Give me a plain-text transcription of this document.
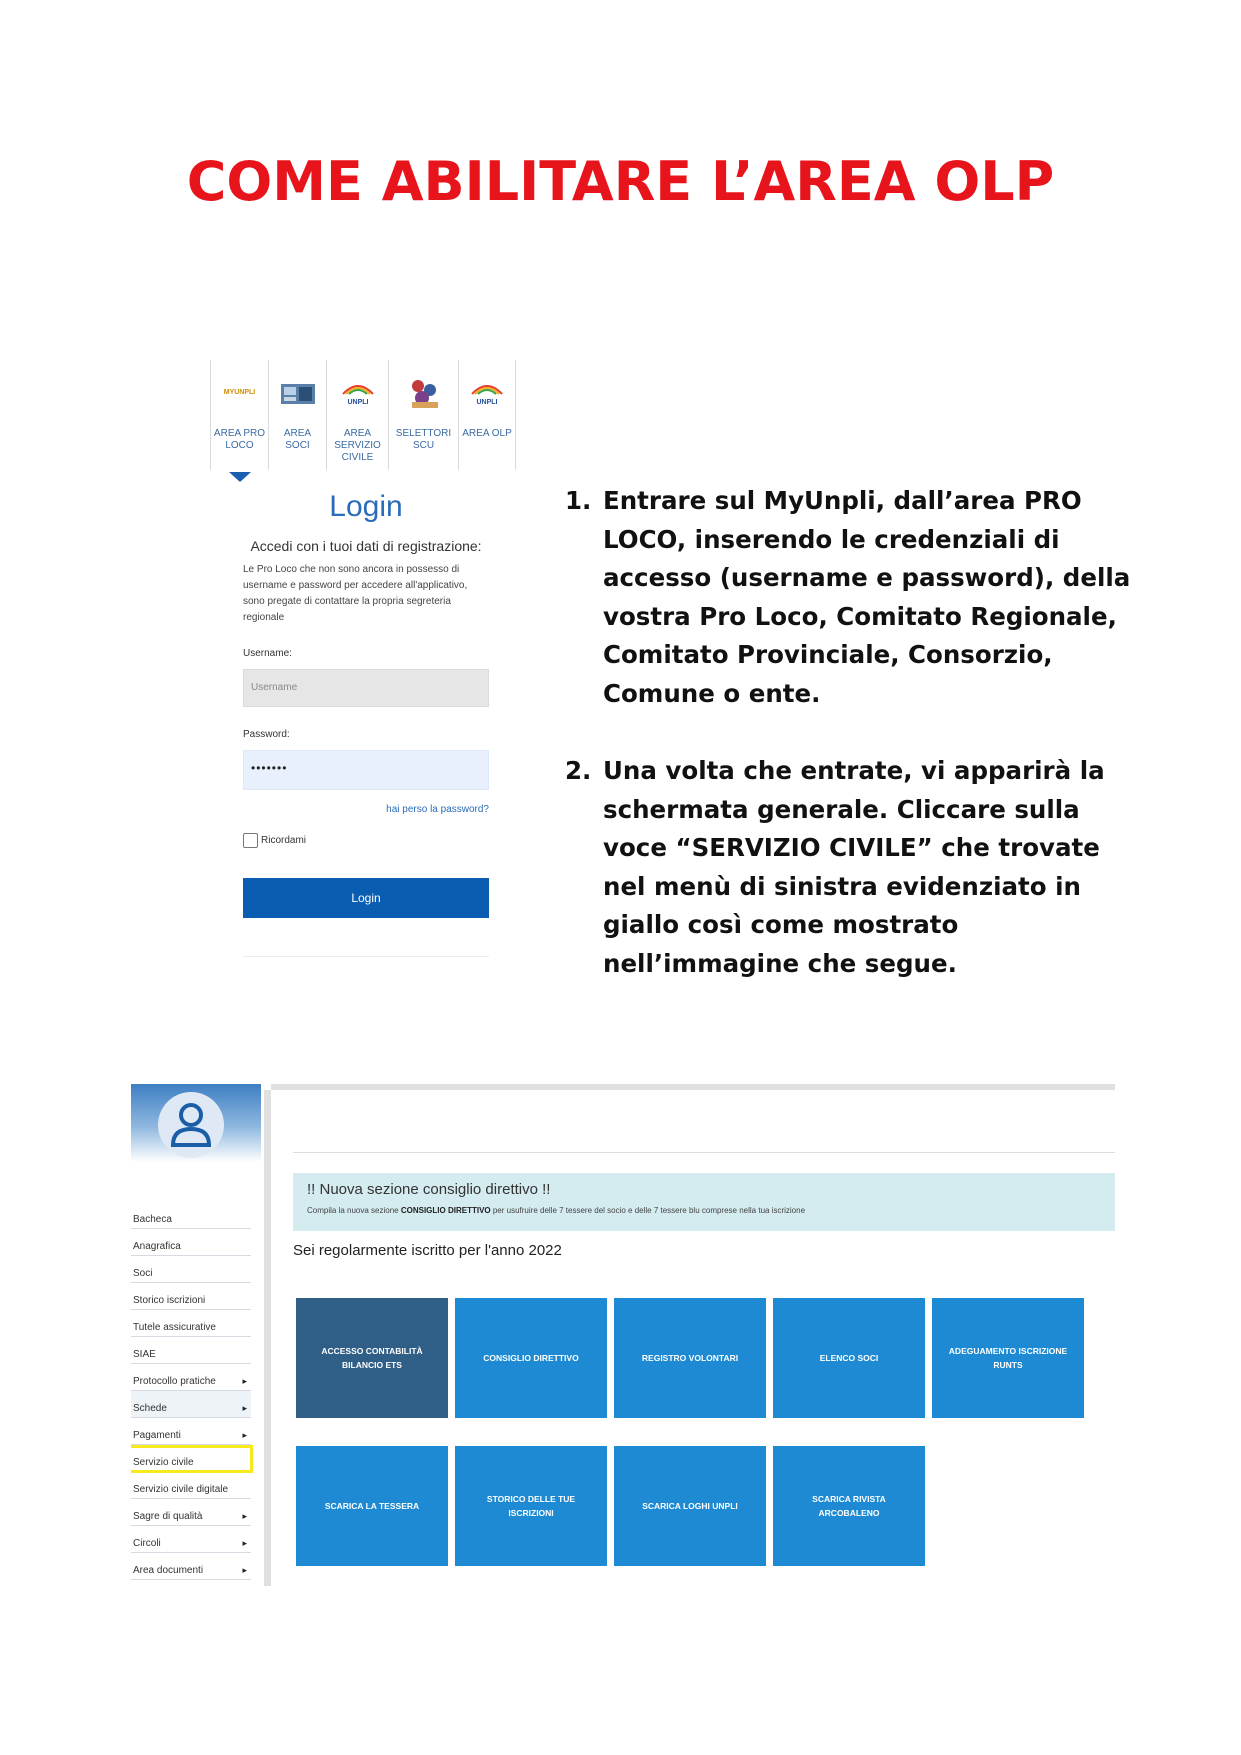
COME ABILITARE L’AREA OLP
MYUNPLI
AREA PRO LOCO
AREA SOCI
UNPLI
AREA SERVIZIO CIVILE
SELETTORI SCU
UNPLI
AREA OLP
Login
Accedi con i tuoi dati di registrazione:
Le Pro Loco che non sono ancora in possesso di username e password per accedere all'applicativo, sono pregate di contattare la propria segreteria regionale
Username:
Username
Password:
•••••••
hai perso la password?
Ricordami
Login
1. Entrare sul MyUnpli, dall’area PRO LOCO, inserendo le credenziali di accesso (username e password), della vostra Pro Loco, Comitato Regionale, Comitato Provinciale, Consorzio, Comune o ente.
2. Una volta che entrate, vi apparirà la schermata generale. Cliccare sulla voce “SERVIZIO CIVILE” che trovate nel menù di sinistra evidenziato in giallo così come mostrato nell’immagine che segue.
Bacheca
Anagrafica
Soci
Storico iscrizioni
Tutele assicurative
SIAE
Protocollo pratiche	▸
Schede	▸
Pagamenti	▸
Servizio civile
Servizio civile digitale
Sagre di qualità	▸
Circoli	▸
Area documenti	▸
!! Nuova sezione consiglio direttivo !!
Compila la nuova sezione CONSIGLIO DIRETTIVO per usufruire delle 7 tessere del socio e delle 7 tessere blu comprese nella tua iscrizione
Sei regolarmente iscritto per l'anno 2022
ACCESSO CONTABILITÀ BILANCIO ETS
CONSIGLIO DIRETTIVO	REGISTRO VOLONTARI	ELENCO SOCI
ADEGUAMENTO ISCRIZIONE RUNTS
SCARICA LA TESSERA
STORICO DELLE TUE ISCRIZIONI
SCARICA LOGHI UNPLI
SCARICA RIVISTA ARCOBALENO
